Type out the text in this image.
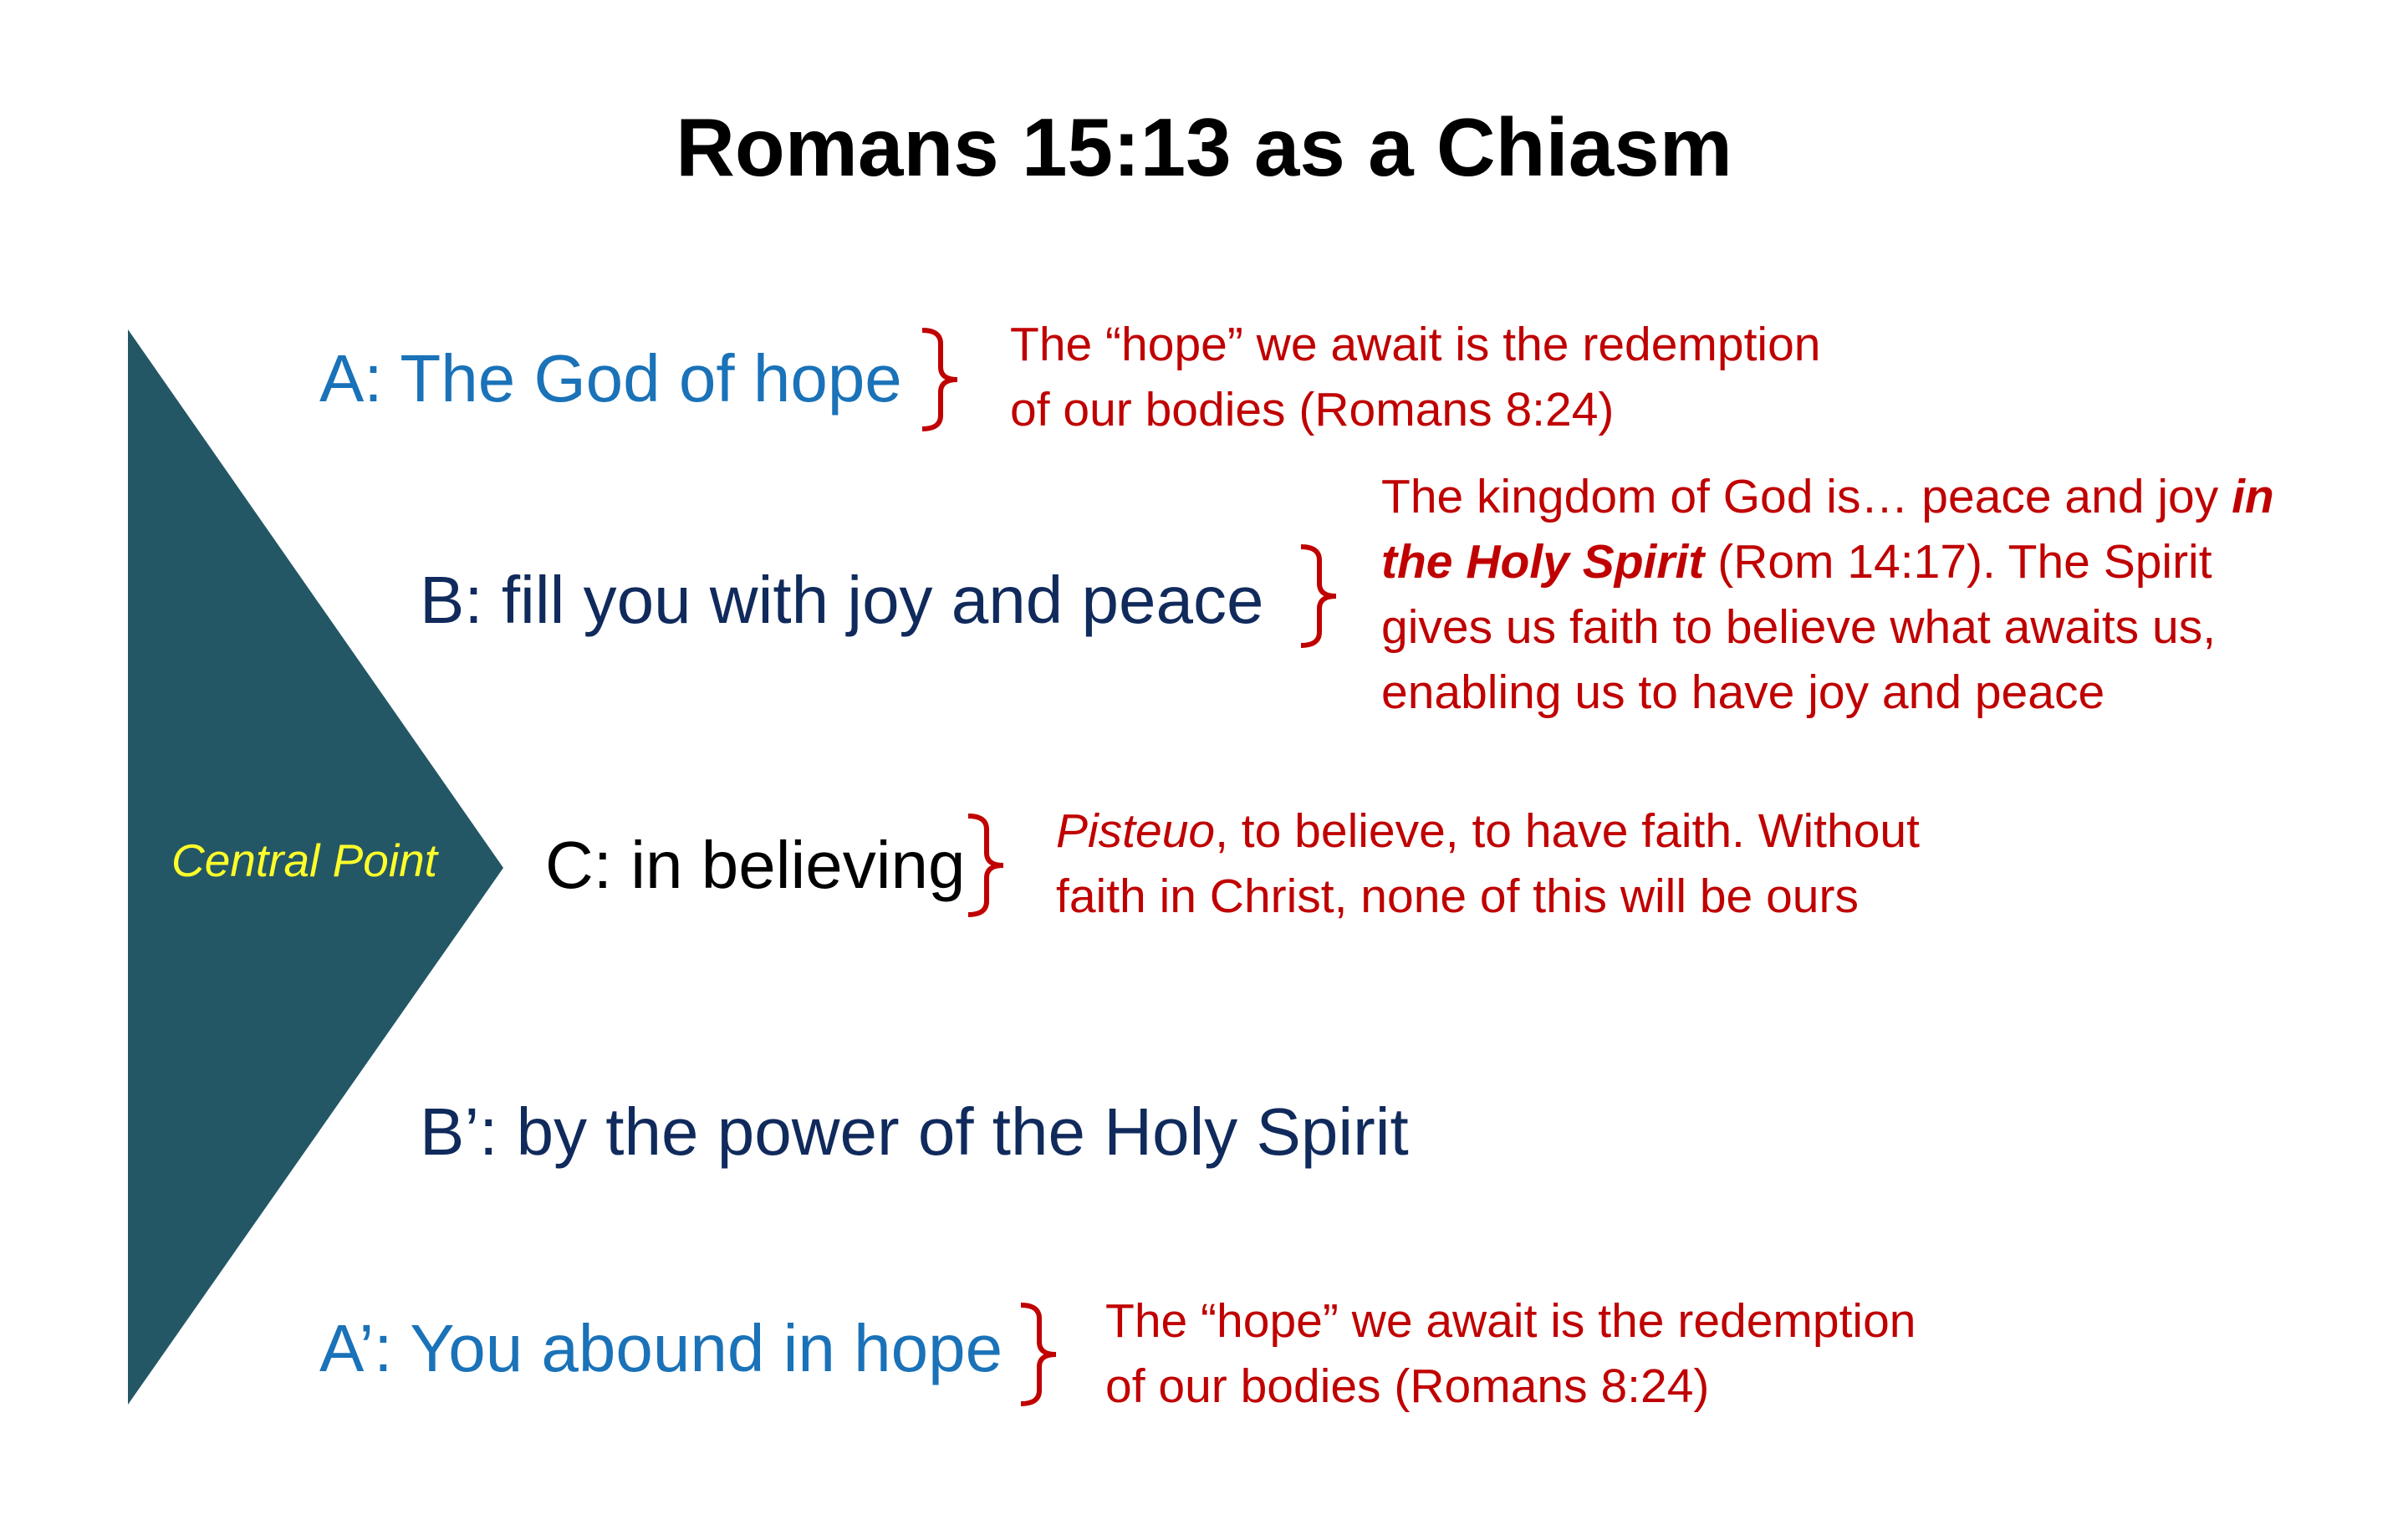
Romans 15:13 as a Chiasm
Central Point
A: The God of hope The “hope” we await is the redemption
of our bodies (Romans 8:24)
B: fill you with joy and peace
The kingdom of God is… peace and joy in
the Holy Spirit (Rom 14:17). The Spirit
gives us faith to believe what awaits us,
enabling us to have joy and peace
C: in believing Pisteuo, to believe, to have faith. Without
faith in Christ, none of this will be ours
B’: by the power of the Holy Spirit
A’: You abound in hope The “hope” we await is the redemption
of our bodies (Romans 8:24)
